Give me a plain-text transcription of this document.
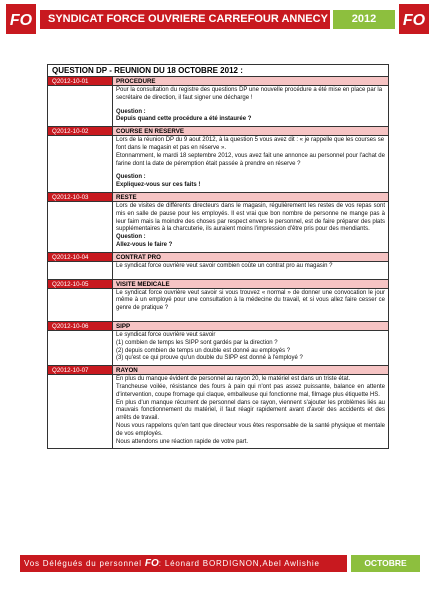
FO	SYNDICAT FORCE OUVRIERE CARREFOUR ANNECY	2012	FO
QUESTION DP - REUNION DU 18 OCTOBRE 2012 :
Q2012-10-01	PROCEDURE

Pour la consultation du registre des questions DP une nouvelle procédure a été mise en place par la secrétaire de direction, il faut signer une décharge !

Question :

Depuis quand cette procédure a été instaurée ?

Q2012-10-02	COURSE EN RESERVE

Lors de la réunion DP du 9 aout 2012, à la question 5 vous avez dit : « je rappelle que les courses se font dans le magasin et pas en réserve ».

Etonnamment, le mardi 18 septembre 2012, vous avez fait une annonce au personnel pour l'achat de farine dont la date de péremption était passée à prendre en réserve ?

Question :

Expliquez-vous sur ces faits !

Q2012-10-03	RESTE

Lors de visites de différents directeurs dans le magasin, régulièrement les restes de vos repas sont mis en salle de pause pour les employés. Il est vrai que bon nombre de personne ne mange pas à leur faim mais la moindre des choses par respect envers le personnel, est de faire préparer des plats supplémentaires à la charcuterie, ils auraient moins l'impression d'être pris pour des mendiants.

Question :

Allez-vous le faire ?

Q2012-10-04	CONTRAT PRO

Le syndicat force ouvrière veut savoir combien coûte un contrat pro au magasin ?

Q2012-10-05	VISITE MEDICALE

Le syndicat force ouvrière veut savoir si vous trouvez « normal » de donner une convocation le jour même à un employé pour une consultation à la médecine du travail, et si vous allez faire cesser ce genre de pratique ?

Q2012-10-06	SIPP

Le syndicat force ouvrière veut savoir

(1) combien de temps les SIPP sont gardés par la direction ?

(2) depuis combien de temps un double est donné au employés ?

(3) qu'est ce qui prouve qu'un double du SIPP est donné à l'employé ?

Q2012-10-07	RAYON

En plus du manque évident de personnel au rayon 20, le matériel est dans un triste état.

Trancheuse voilée, résistance des fours à pain qui n'ont pas assez puissante, balance en attente d'intervention, coupe fromage qui claque, emballeuse qui fonctionne mal, filmage plus étiquette HS.

En plus d'un manque récurrent de personnel dans ce rayon, viennent s'ajouter les problèmes liés au mauvais fonctionnement du matériel, il faut réagir rapidement avant d'avoir des accidents et des arrêts de travail.

Nous vous rappelons qu'en tant que directeur vous êtes responsable de la santé physique et mentale de vos employés.

Nous attendons une réaction rapide de votre part.

Vos Délégués du personnel FO: Léonard BORDIGNON,Abel Awlishie	OCTOBRE
